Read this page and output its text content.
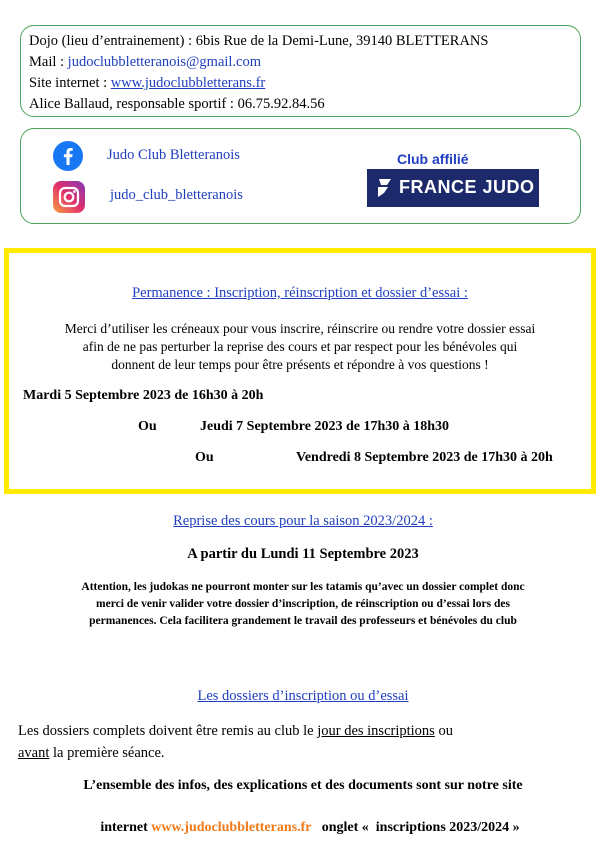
Dojo (lieu d’entrainement) : 6bis Rue de la Demi-Lune, 39140 BLETTERANS
Mail : judoclubbletteranois@gmail.com
Site internet : www.judoclubbletterans.fr
Alice Ballaud, responsable sportif : 06.75.92.84.56
Judo Club Bletteranois
judo_club_bletteranois
Club affilié
FRANCE JUDO
Permanence : Inscription, réinscription et dossier d’essai :
Merci d’utiliser les créneaux pour vous inscrire, réinscrire ou rendre votre dossier essai
afin de ne pas perturber la reprise des cours et par respect pour les bénévoles qui
donnent de leur temps pour être présents et répondre à vos questions !
Mardi 5 Septembre 2023 de 16h30 à 20h
Ou	Jeudi 7 Septembre 2023 de 17h30 à 18h30
Ou	Vendredi 8 Septembre 2023 de 17h30 à 20h
Reprise des cours pour la saison 2023/2024 :
A partir du Lundi 11 Septembre 2023
Attention, les judokas ne pourront monter sur les tatamis qu’avec un dossier complet donc
merci de venir valider votre dossier d’inscription, de réinscription ou d’essai lors des
permanences. Cela facilitera grandement le travail des professeurs et bénévoles du club
Les dossiers d’inscription ou d’essai
Les dossiers complets doivent être remis au club le jour des inscriptions ou
avant la première séance.
L’ensemble des infos, des explications et des documents sont sur notre site

internet www.judoclubbletterans.fr   onglet «  inscriptions 2023/2024 »
